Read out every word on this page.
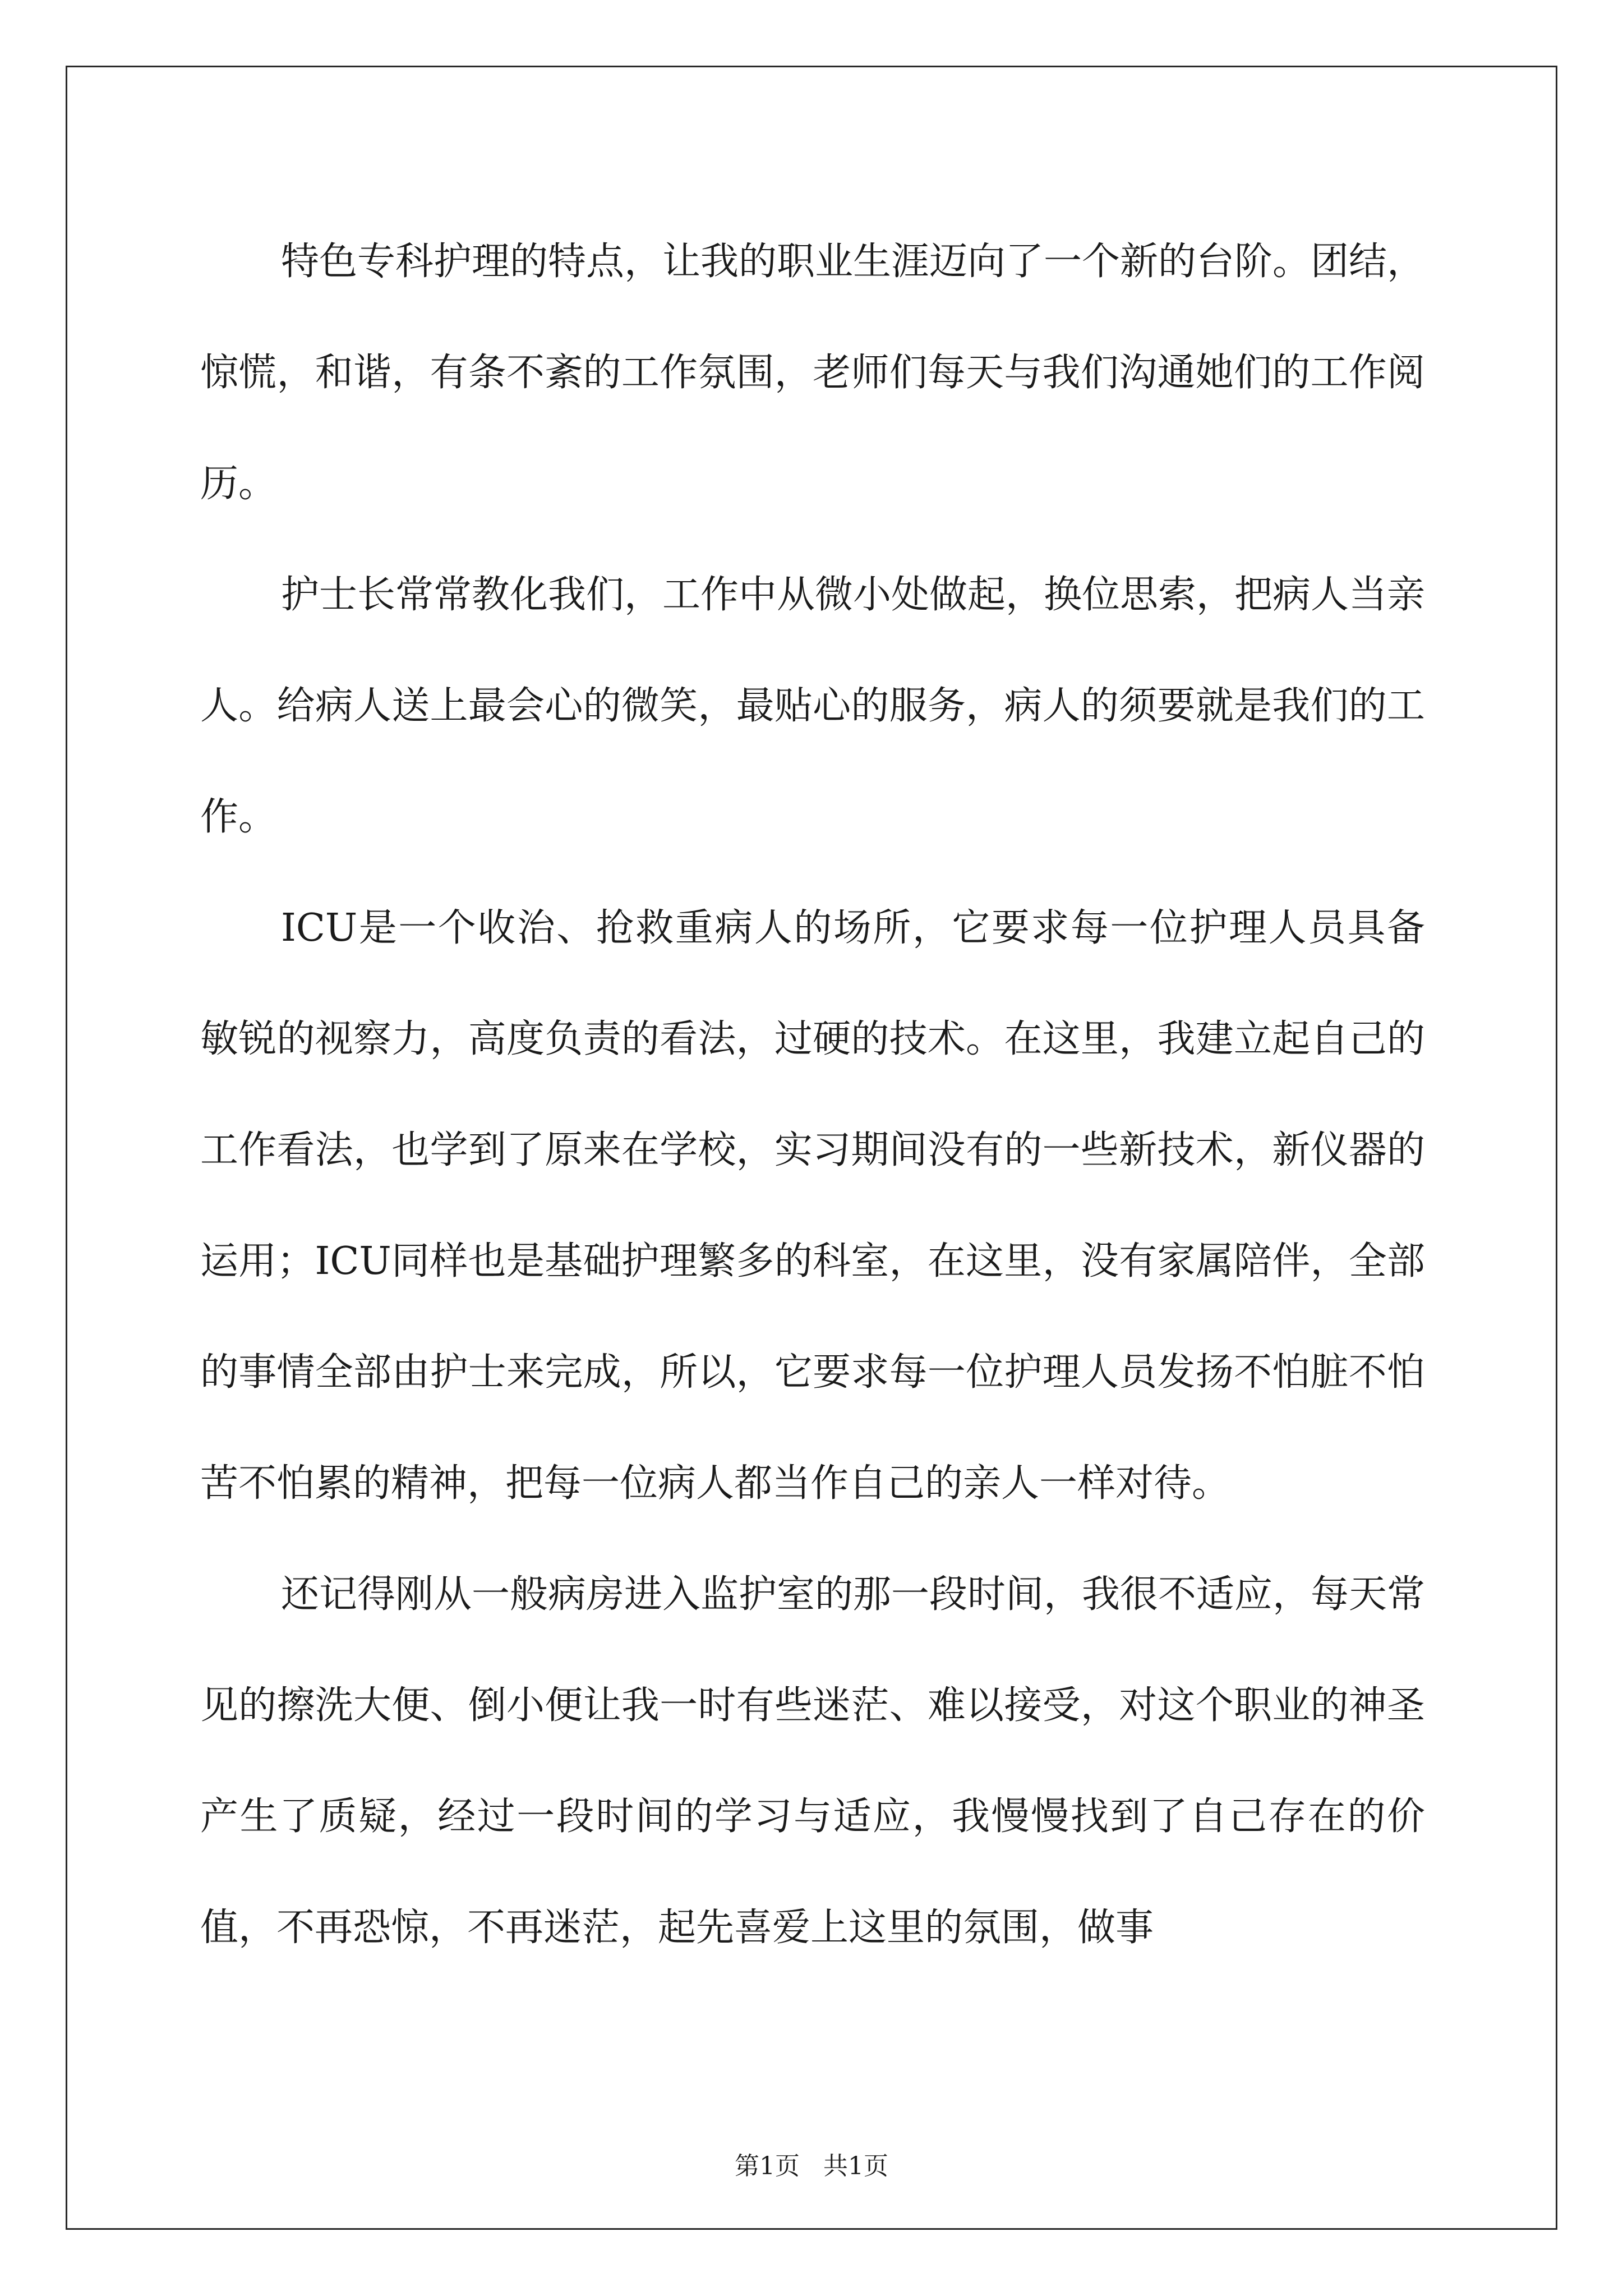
特色专科护理的特点，让我的职业生涯迈向了一个新的台阶。团结，惊慌，和谐，有条不紊的工作氛围，老师们每天与我们沟通她们的工作阅历。

护士长常常教化我们，工作中从微小处做起，换位思索，把病人当亲人。给病人送上最会心的微笑，最贴心的服务，病人的须要就是我们的工作。

ICU是一个收治、抢救重病人的场所，它要求每一位护理人员具备敏锐的视察力，高度负责的看法，过硬的技术。在这里，我建立起自己的工作看法，也学到了原来在学校，实习期间没有的一些新技术，新仪器的运用；ICU同样也是基础护理繁多的科室，在这里，没有家属陪伴，全部的事情全部由护士来完成，所以，它要求每一位护理人员发扬不怕脏不怕苦不怕累的精神，把每一位病人都当作自己的亲人一样对待。

还记得刚从一般病房进入监护室的那一段时间，我很不适应，每天常见的擦洗大便、倒小便让我一时有些迷茫、难以接受，对这个职业的神圣产生了质疑，经过一段时间的学习与适应，我慢慢找到了自己存在的价值，不再恐惊，不再迷茫，起先喜爱上这里的氛围，做事

第1页   共1页
